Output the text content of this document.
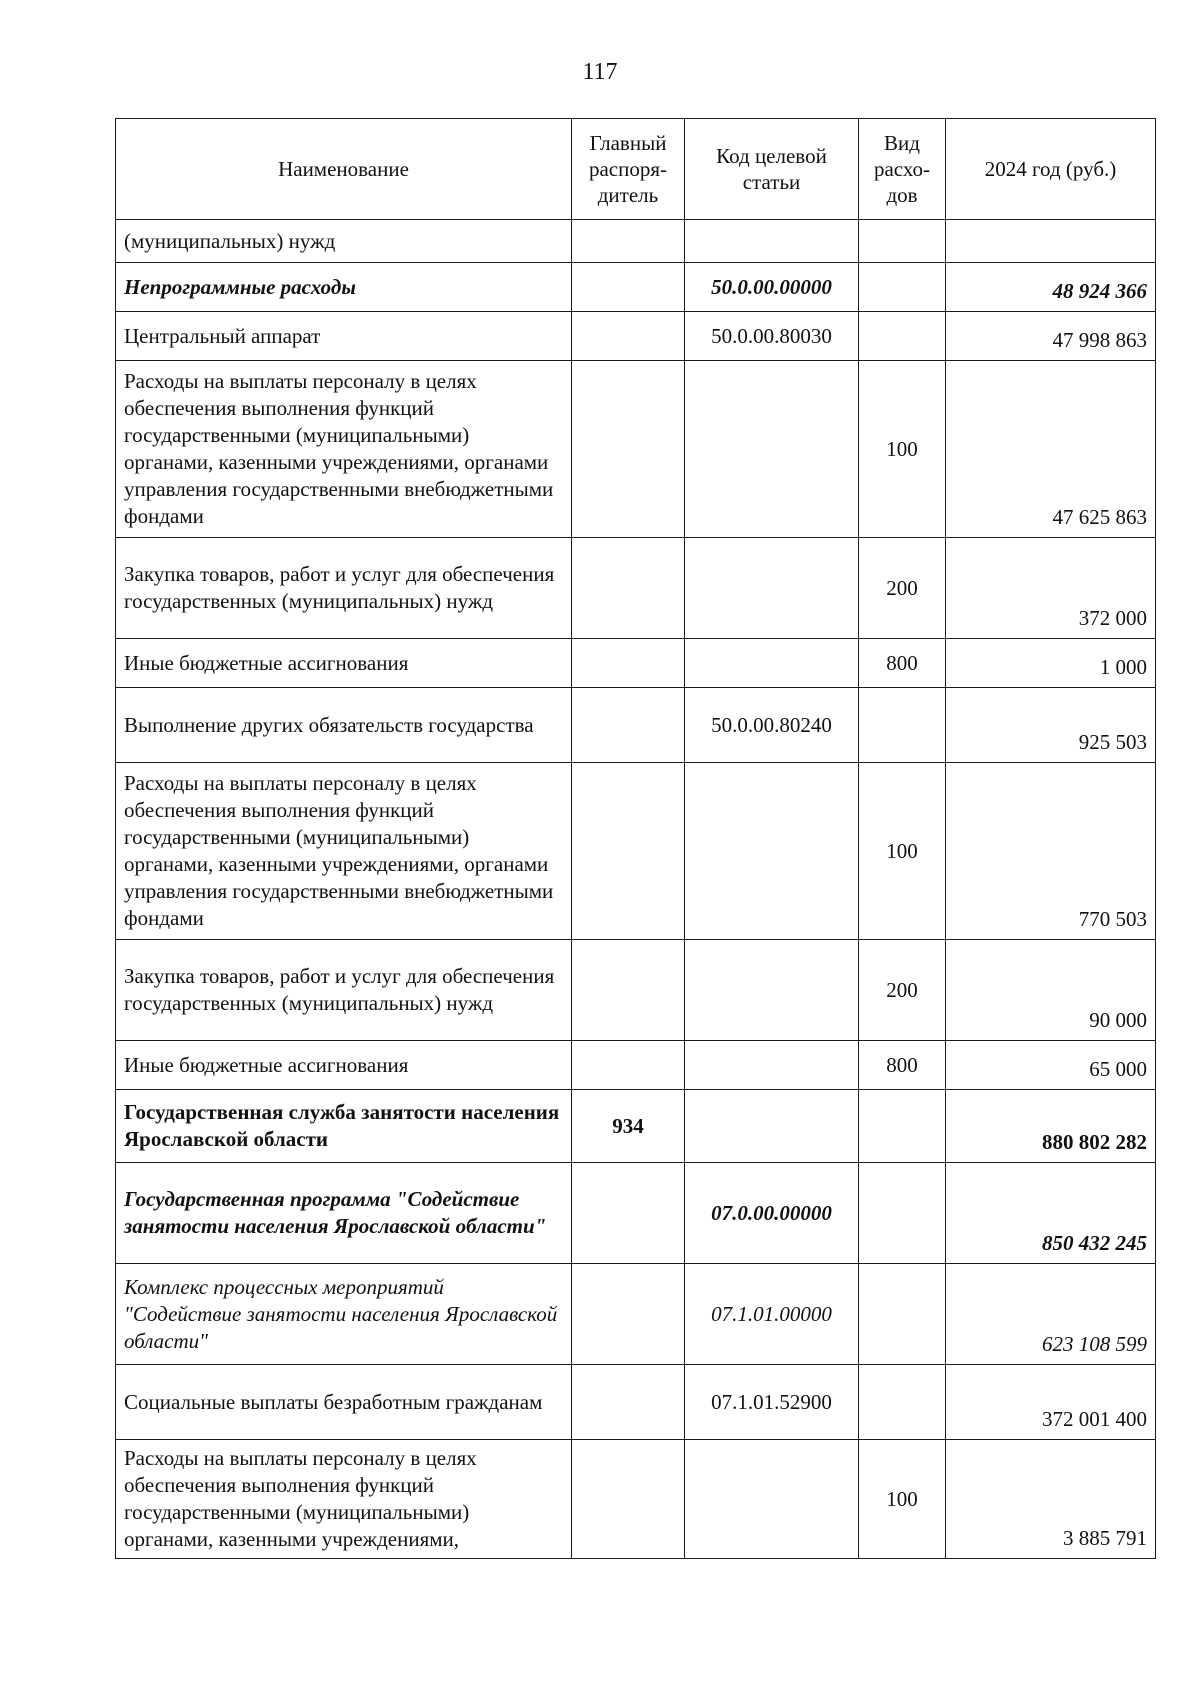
117
Наименование	Главный распоря-дитель	Код целевой статьи	Вид расхо-дов	2024 год (руб.)
(муниципальных) нужд				
Непрограммные расходы		50.0.00.00000		48 924 366
Центральный аппарат		50.0.00.80030		47 998 863
Расходы на выплаты персоналу в целях обеспечения выполнения функций государственными (муниципальными) органами, казенными учреждениями, органами управления государственными внебюджетными фондами			100	47 625 863
Закупка товаров, работ и услуг для обеспечения государственных (муниципальных) нужд			200	372 000
Иные бюджетные ассигнования			800	1 000
Выполнение других обязательств государства		50.0.00.80240		925 503
Расходы на выплаты персоналу в целях обеспечения выполнения функций государственными (муниципальными) органами, казенными учреждениями, органами управления государственными внебюджетными фондами			100	770 503
Закупка товаров, работ и услуг для обеспечения государственных (муниципальных) нужд			200	90 000
Иные бюджетные ассигнования			800	65 000
Государственная служба занятости населения Ярославской области	934			880 802 282
Государственная программа "Содействие занятости населения Ярославской области"		07.0.00.00000		850 432 245
Комплекс процессных мероприятий "Содействие занятости населения Ярославской области"		07.1.01.00000		623 108 599
Социальные выплаты безработным гражданам		07.1.01.52900		372 001 400
Расходы на выплаты персоналу в целях обеспечения выполнения функций государственными (муниципальными) органами, казенными учреждениями,			100	3 885 791
